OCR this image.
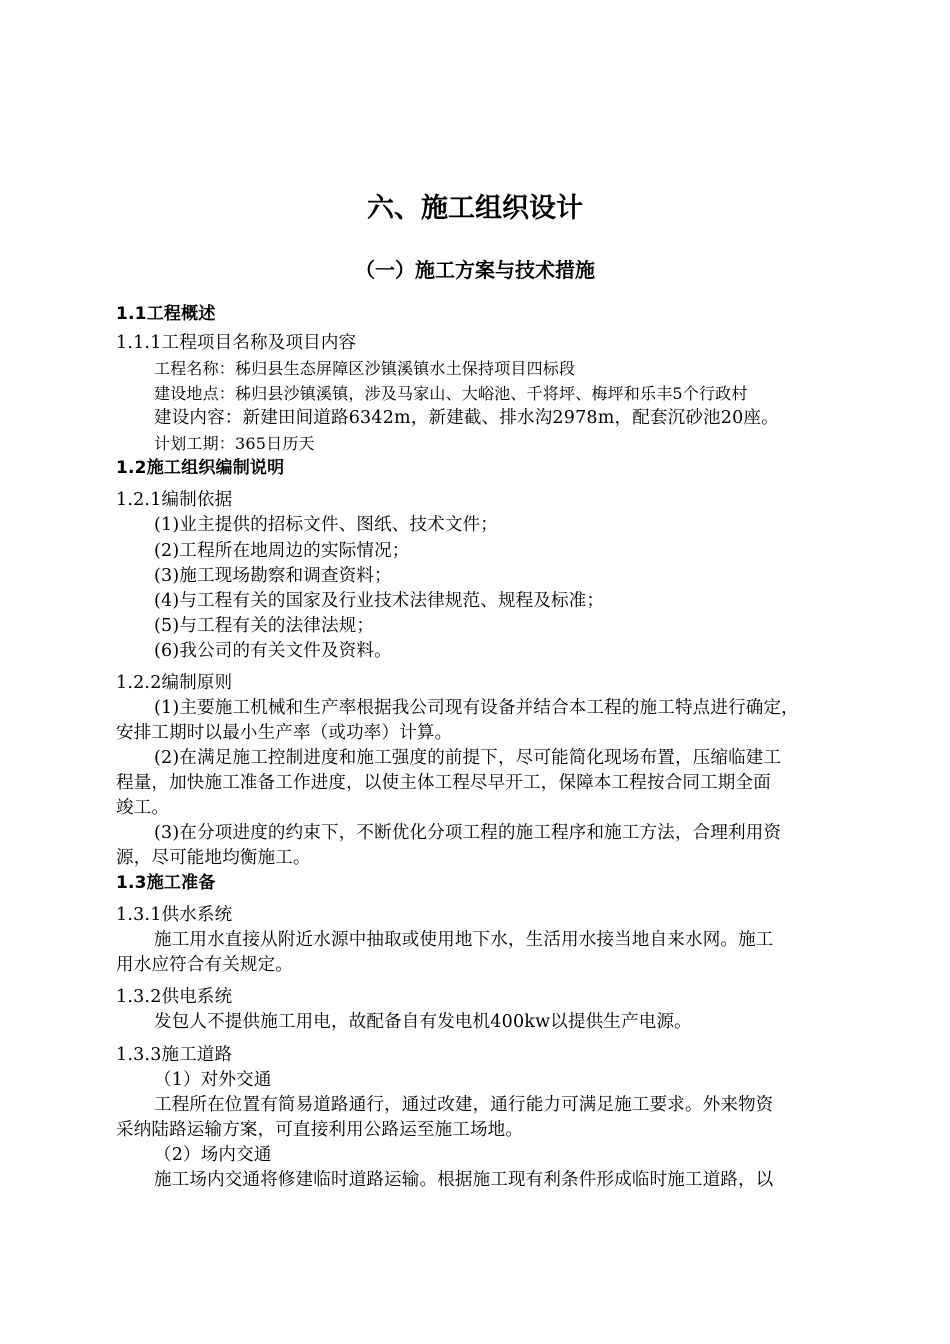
六、施工组织设计
（一）施工方案与技术措施
1.1工程概述
1.1.1工程项目名称及项目内容
工程名称：秭归县生态屏障区沙镇溪镇水土保持项目四标段
建设地点：秭归县沙镇溪镇，涉及马家山、大峪池、千将坪、梅坪和乐丰5个行政村
建设内容：新建田间道路6342m，新建截、排水沟2978m，配套沉砂池20座。
计划工期：365日历天
1.2施工组织编制说明
1.2.1编制依据
(1)业主提供的招标文件、图纸、技术文件；
(2)工程所在地周边的实际情况；
(3)施工现场勘察和调查资料；
(4)与工程有关的国家及行业技术法律规范、规程及标准；
(5)与工程有关的法律法规；
(6)我公司的有关文件及资料。
1.2.2编制原则
(1)主要施工机械和生产率根据我公司现有设备并结合本工程的施工特点进行确定，
安排工期时以最小生产率（或功率）计算。
(2)在满足施工控制进度和施工强度的前提下，尽可能简化现场布置，压缩临建工
程量，加快施工准备工作进度，以使主体工程尽早开工，保障本工程按合同工期全面
竣工。
(3)在分项进度的约束下，不断优化分项工程的施工程序和施工方法，合理利用资
源，尽可能地均衡施工。
1.3施工准备
1.3.1供水系统
施工用水直接从附近水源中抽取或使用地下水，生活用水接当地自来水网。施工
用水应符合有关规定。
1.3.2供电系统
发包人不提供施工用电，故配备自有发电机400kw以提供生产电源。
1.3.3施工道路
（1）对外交通
工程所在位置有简易道路通行，通过改建，通行能力可满足施工要求。外来物资
采纳陆路运输方案，可直接利用公路运至施工场地。
（2）场内交通
施工场内交通将修建临时道路运输。根据施工现有利条件形成临时施工道路，以
